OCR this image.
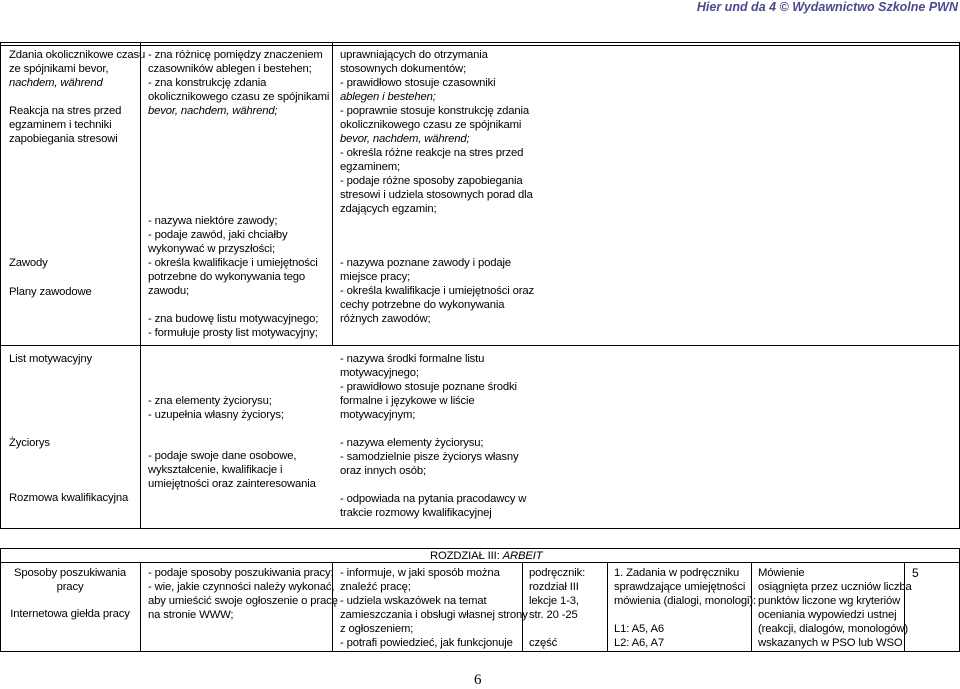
Hier und da 4 © Wydawnictwo Szkolne PWN
Zdania okolicznikowe czasu
ze spójnikami bevor,
nachdem, während
Reakcja na stres przed
egzaminem i techniki
zapobiegania stresowi
Zawody
Plany zawodowe
List motywacyjny
Życiorys
Rozmowa kwalifikacyjna
- zna różnicę pomiędzy znaczeniem
czasowników ablegen i bestehen;
- zna konstrukcję zdania
okolicznikowego czasu ze spójnikami
bevor, nachdem, während;
- nazywa niektóre zawody;
- podaje zawód, jaki chciałby
wykonywać w przyszłości;
- określa kwalifikacje i umiejętności
potrzebne do wykonywania tego
zawodu;
- zna budowę listu motywacyjnego;
- formułuje prosty list motywacyjny;
- zna elementy życiorysu;
- uzupełnia własny życiorys;
- podaje swoje dane osobowe,
wykształcenie, kwalifikacje i
umiejętności oraz zainteresowania
uprawniających do otrzymania
stosownych dokumentów;
- prawidłowo stosuje czasowniki
ablegen i bestehen;
- poprawnie stosuje konstrukcję zdania
okolicznikowego czasu ze spójnikami
bevor, nachdem, während;
- określa różne reakcje na stres przed
egzaminem;
- podaje różne sposoby zapobiegania
stresowi i udziela stosownych porad dla
zdających egzamin;
- nazywa poznane zawody i podaje
miejsce pracy;
- określa kwalifikacje i umiejętności oraz
cechy potrzebne do wykonywania
różnych zawodów;
- nazywa środki formalne listu
motywacyjnego;
- prawidłowo stosuje poznane środki
formalne i językowe w liście
motywacyjnym;
- nazywa elementy życiorysu;
- samodzielnie pisze życiorys własny
oraz innych osób;
- odpowiada na pytania pracodawcy w
trakcie rozmowy kwalifikacyjnej
ROZDZIAŁ III: ARBEIT
Sposoby poszukiwania
pracy
Internetowa giełda pracy
- podaje sposoby poszukiwania pracy;
- wie, jakie czynności należy wykonać,
aby umieścić swoje ogłoszenie o pracę
na stronie WWW;
- informuje, w jaki sposób można
znaleźć pracę;
- udziela wskazówek na temat
zamieszczania i obsługi własnej strony
z ogłoszeniem;
- potrafi powiedzieć, jak funkcjonuje
podręcznik:
rozdział III
lekcje 1-3,
str. 20 -25
część
1. Zadania w podręczniku
sprawdzające umiejętności
mówienia (dialogi, monologi):
L1: A5, A6
L2: A6, A7
Mówienie
osiągnięta przez uczniów liczba
punktów liczone wg kryteriów
oceniania wypowiedzi ustnej
(reakcji, dialogów, monologów)
wskazanych w PSO lub WSO
5
6
